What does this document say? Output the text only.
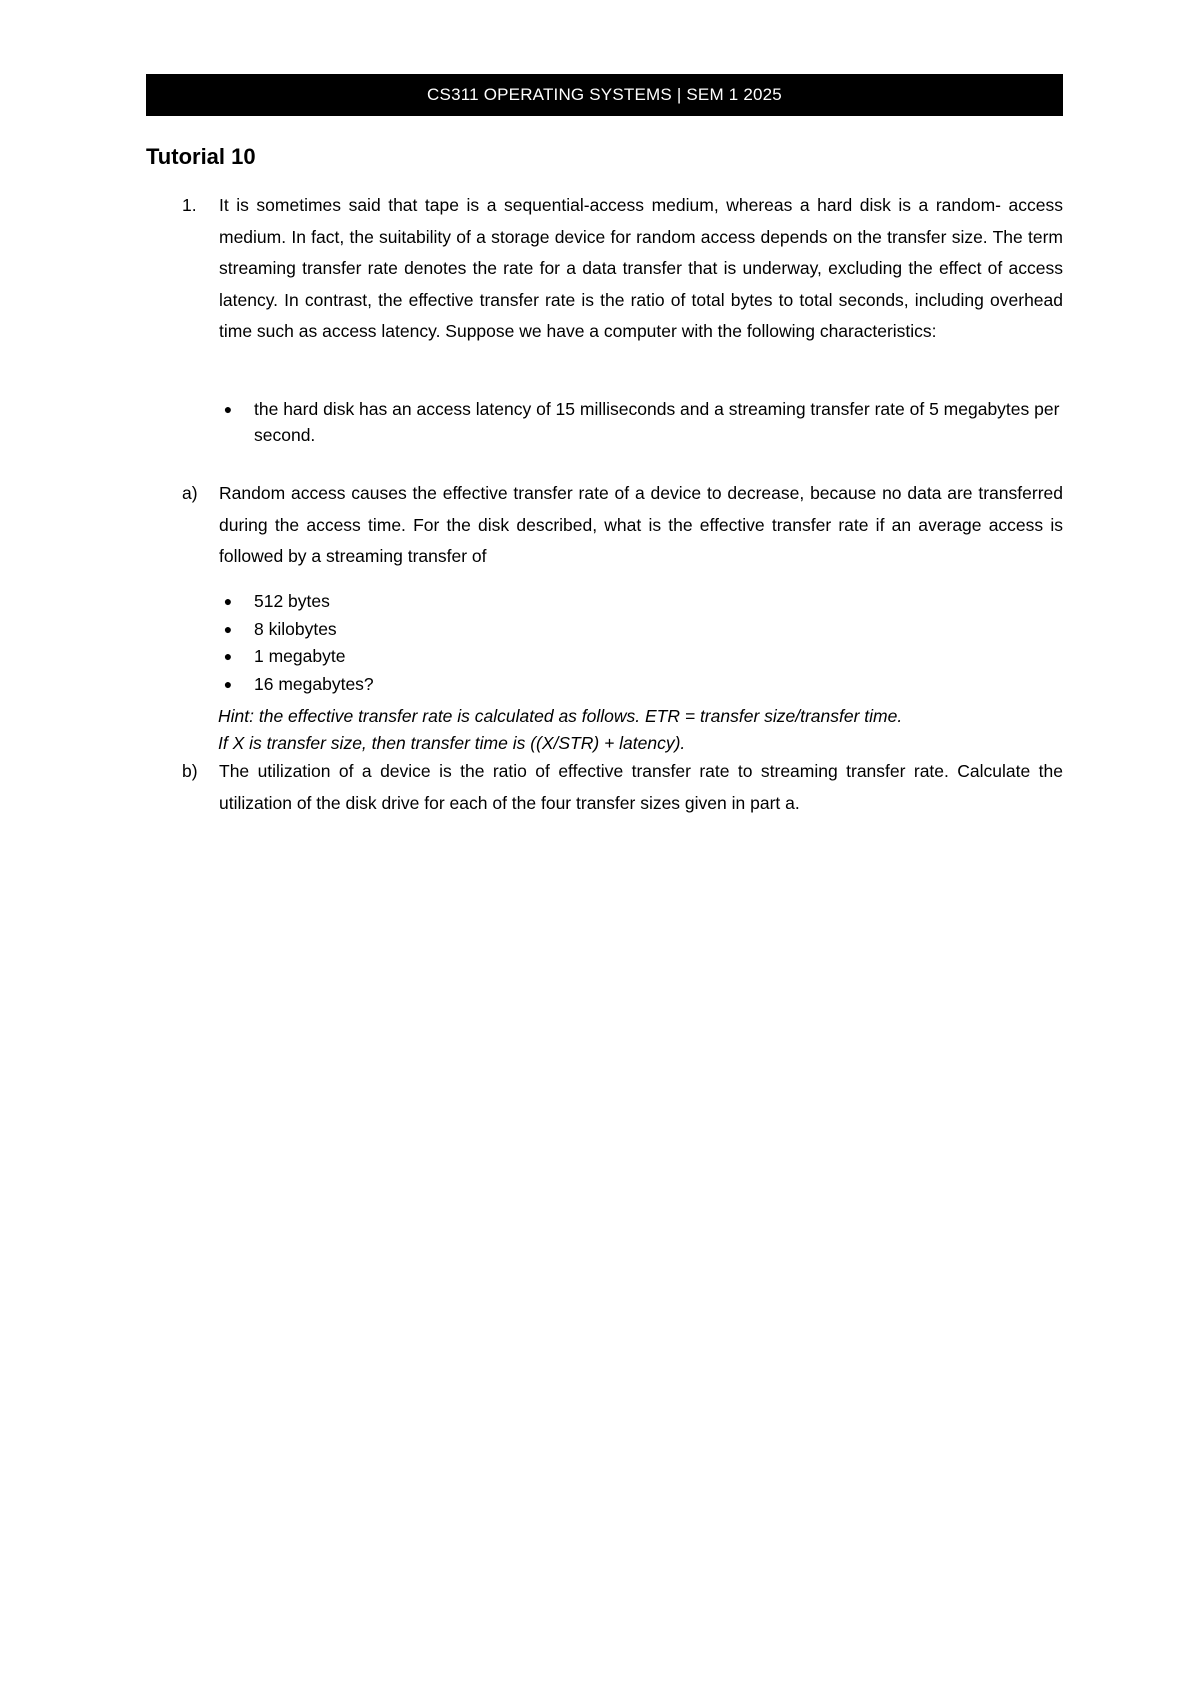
CS311 OPERATING SYSTEMS | SEM 1 2025
Tutorial 10
1.	It is sometimes said that tape is a sequential-access medium, whereas a hard disk is a random- access medium. In fact, the suitability of a storage device for random access depends on the transfer size. The term streaming transfer rate denotes the rate for a data transfer that is underway, excluding the effect of access latency. In contrast, the effective transfer rate is the ratio of total bytes to total seconds, including overhead time such as access latency. Suppose we have a computer with the following characteristics:
●	the hard disk has an access latency of 15 milliseconds and a streaming transfer rate of 5 megabytes per second.
a)	Random access causes the effective transfer rate of a device to decrease, because no data are transferred during the access time. For the disk described, what is the effective transfer rate if an average access is followed by a streaming transfer of
●	512 bytes
●	8 kilobytes
●	1 megabyte
●	16 megabytes?
Hint: the effective transfer rate is calculated as follows. ETR = transfer size/transfer time.
If X is transfer size, then transfer time is ((X/STR) + latency).
b)	The utilization of a device is the ratio of effective transfer rate to streaming transfer rate. Calculate the utilization of the disk drive for each of the four transfer sizes given in part a.
